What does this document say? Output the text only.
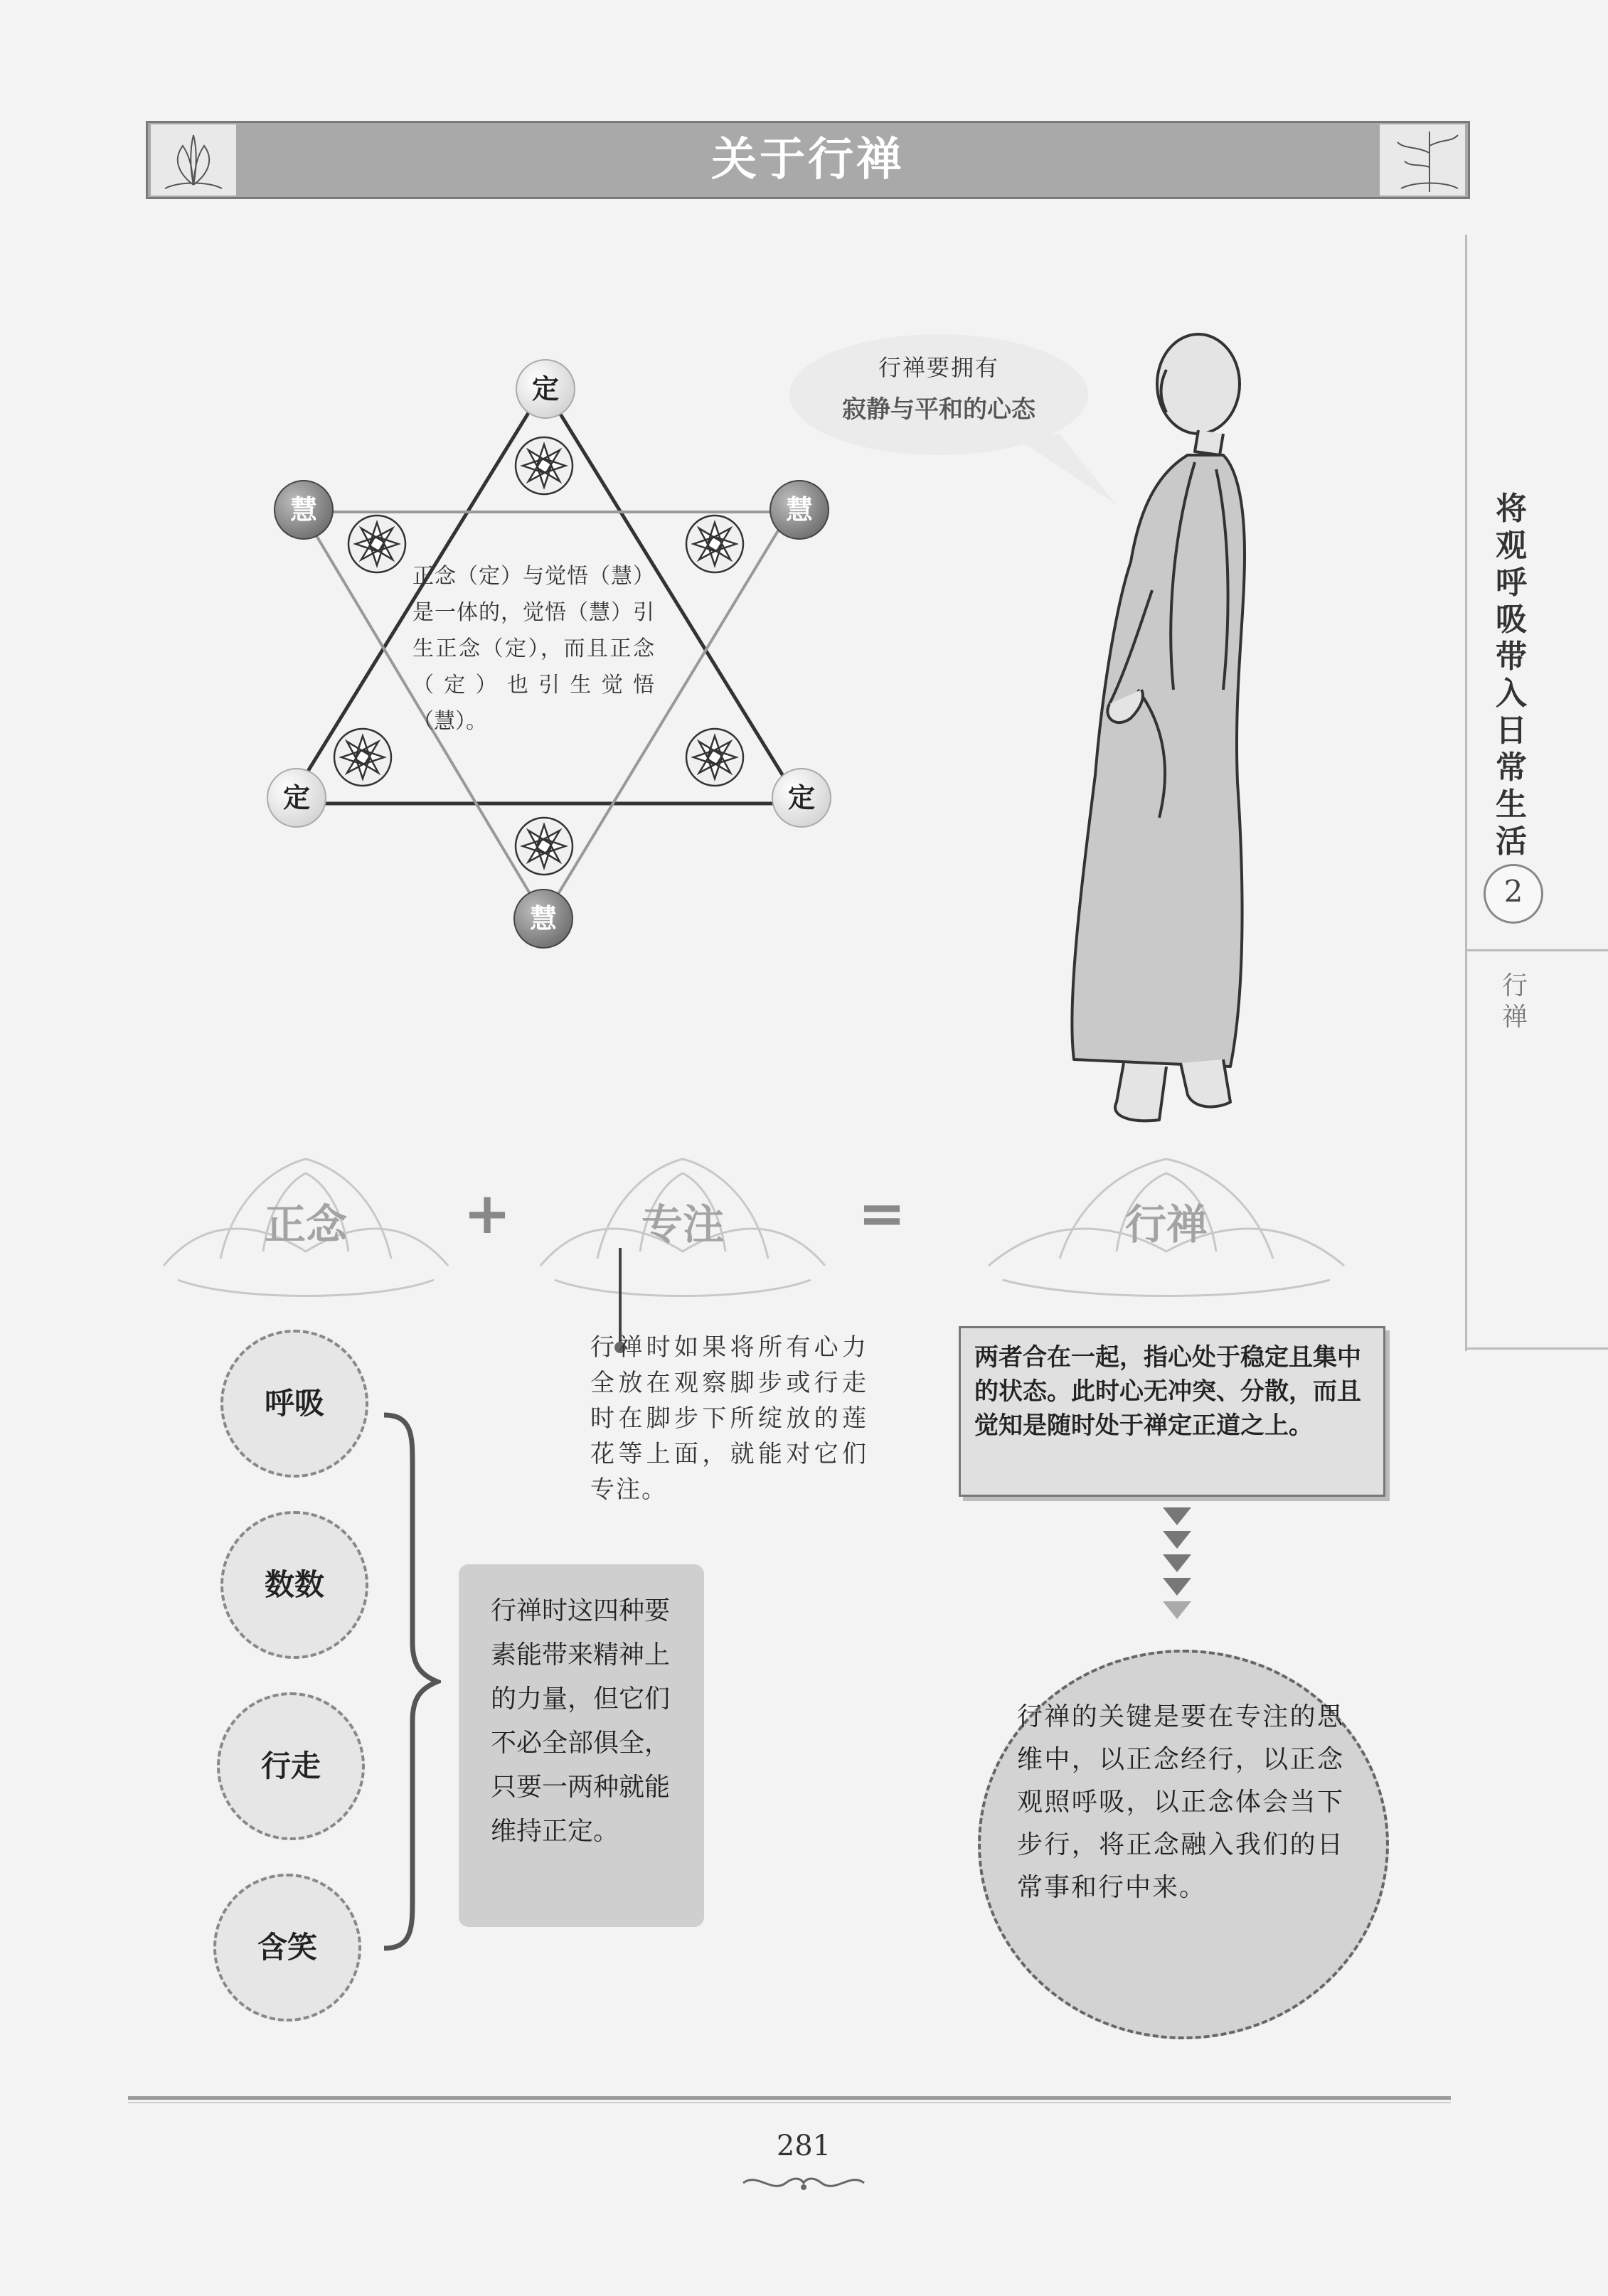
关于行禅
将观呼吸带入日常生活
2
行禅
定
慧	慧
定	定
慧
正念（定）与觉悟（慧）是一体的，觉悟（慧）引生正念（定），而且正念（定）也引生觉悟（慧）。
行禅要拥有
寂静与平和的心态
正念	+	专注	=	行禅
行禅时如果将所有心力全放在观察脚步或行走时在脚步下所绽放的莲花等上面，就能对它们专注。
两者合在一起，指心处于稳定且集中的状态。此时心无冲突、分散，而且觉知是随时处于禅定正道之上。
呼吸
数数
行走
含笑
行禅时这四种要素能带来精神上的力量，但它们不必全部俱全，只要一两种就能维持正定。
行禅的关键是要在专注的思维中，以正念经行，以正念观照呼吸，以正念体会当下步行，将正念融入我们的日常事和行中来。
281
